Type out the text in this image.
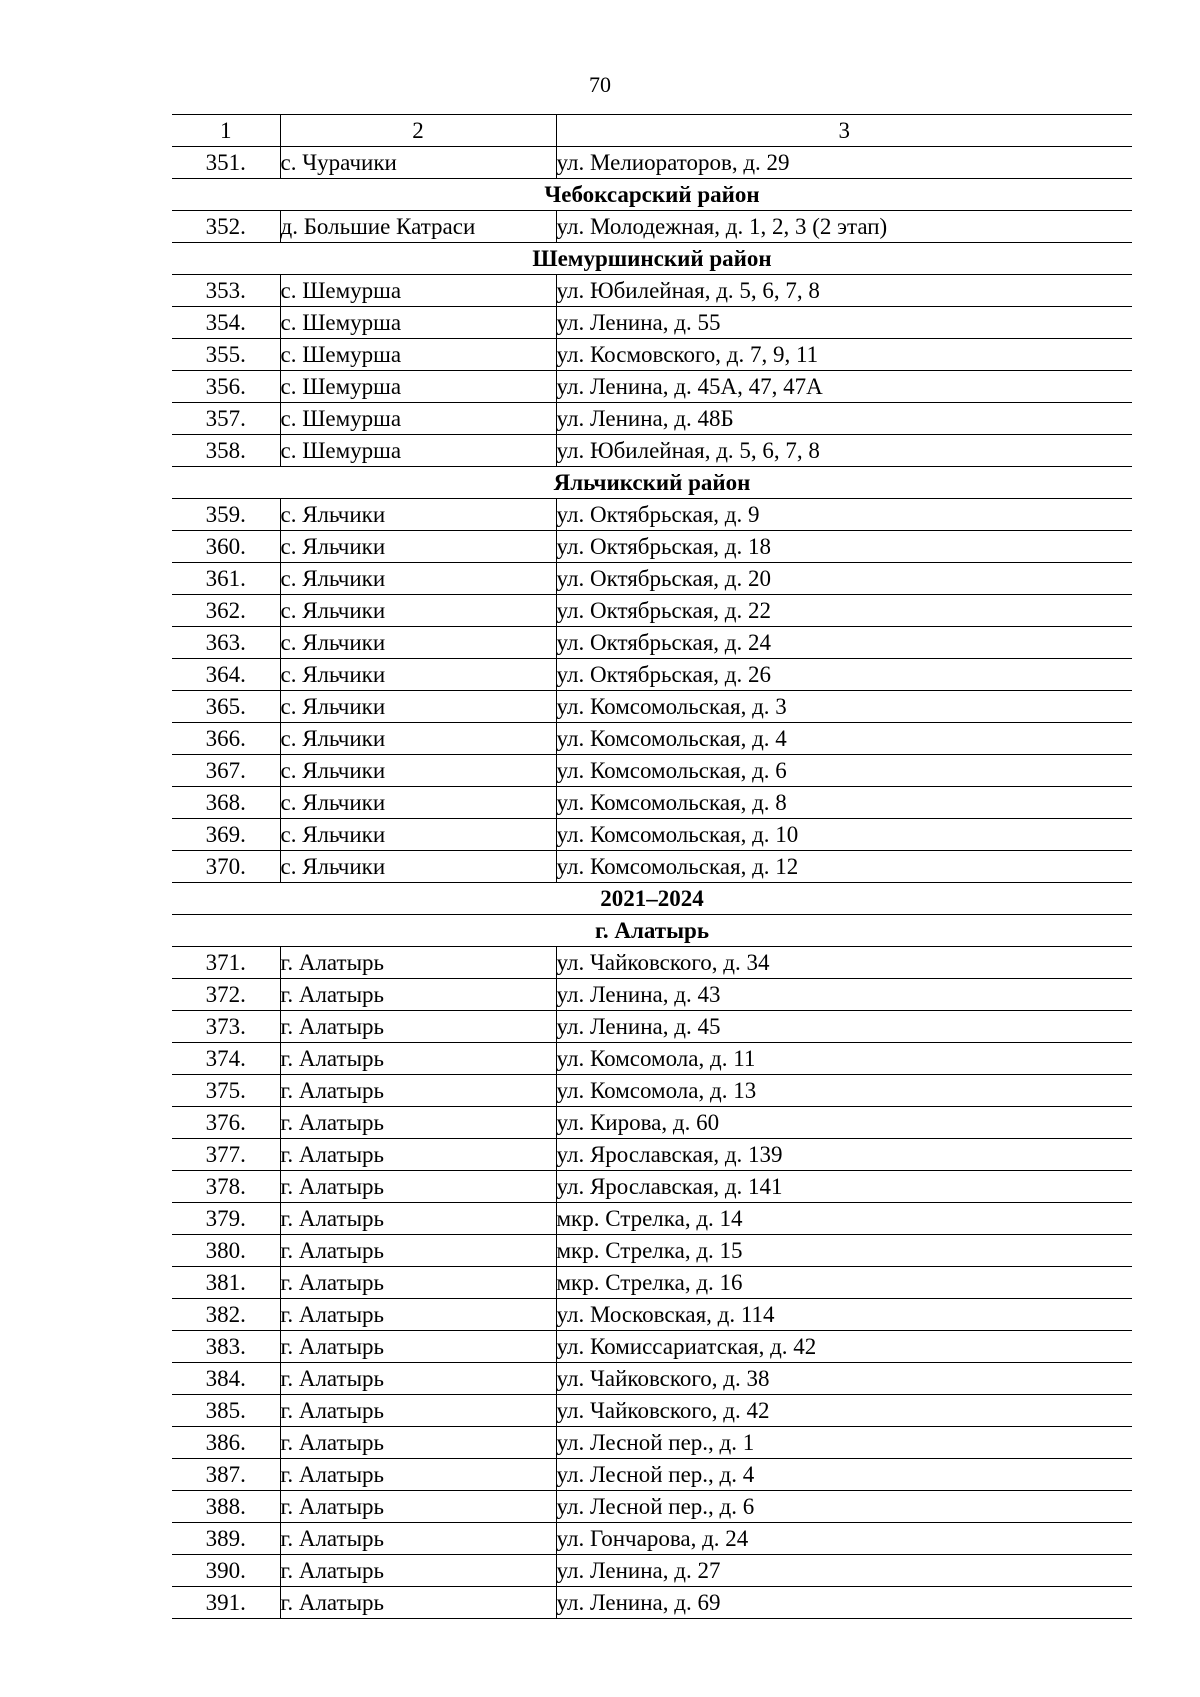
70
1	2	3
351.	с. Чурачики	ул. Мелиораторов, д. 29
Чебоксарский район		
352.	д. Большие Катраси	ул. Молодежная, д. 1, 2, 3 (2 этап)
Шемуршинский район		
353.	с. Шемурша	ул. Юбилейная, д. 5, 6, 7, 8
354.	с. Шемурша	ул. Ленина, д. 55
355.	с. Шемурша	ул. Космовского, д. 7, 9, 11
356.	с. Шемурша	ул. Ленина, д. 45А, 47, 47А
357.	с. Шемурша	ул. Ленина, д. 48Б
358.	с. Шемурша	ул. Юбилейная, д. 5, 6, 7, 8
Яльчикский район		
359.	с. Яльчики	ул. Октябрьская, д. 9
360.	с. Яльчики	ул. Октябрьская, д. 18
361.	с. Яльчики	ул. Октябрьская, д. 20
362.	с. Яльчики	ул. Октябрьская, д. 22
363.	с. Яльчики	ул. Октябрьская, д. 24
364.	с. Яльчики	ул. Октябрьская, д. 26
365.	с. Яльчики	ул. Комсомольская, д. 3
366.	с. Яльчики	ул. Комсомольская, д. 4
367.	с. Яльчики	ул. Комсомольская, д. 6
368.	с. Яльчики	ул. Комсомольская, д. 8
369.	с. Яльчики	ул. Комсомольская, д. 10
370.	с. Яльчики	ул. Комсомольская, д. 12
2021–2024		
г. Алатырь		
371.	г. Алатырь	ул. Чайковского, д. 34
372.	г. Алатырь	ул. Ленина, д. 43
373.	г. Алатырь	ул. Ленина, д. 45
374.	г. Алатырь	ул. Комсомола, д. 11
375.	г. Алатырь	ул. Комсомола, д. 13
376.	г. Алатырь	ул. Кирова, д. 60
377.	г. Алатырь	ул. Ярославская, д. 139
378.	г. Алатырь	ул. Ярославская, д. 141
379.	г. Алатырь	мкр. Стрелка, д. 14
380.	г. Алатырь	мкр. Стрелка, д. 15
381.	г. Алатырь	мкр. Стрелка, д. 16
382.	г. Алатырь	ул. Московская, д. 114
383.	г. Алатырь	ул. Комиссариатская, д. 42
384.	г. Алатырь	ул. Чайковского, д. 38
385.	г. Алатырь	ул. Чайковского, д. 42
386.	г. Алатырь	ул. Лесной пер., д. 1
387.	г. Алатырь	ул. Лесной пер., д. 4
388.	г. Алатырь	ул. Лесной пер., д. 6
389.	г. Алатырь	ул. Гончарова, д. 24
390.	г. Алатырь	ул. Ленина, д. 27
391.	г. Алатырь	ул. Ленина, д. 69
